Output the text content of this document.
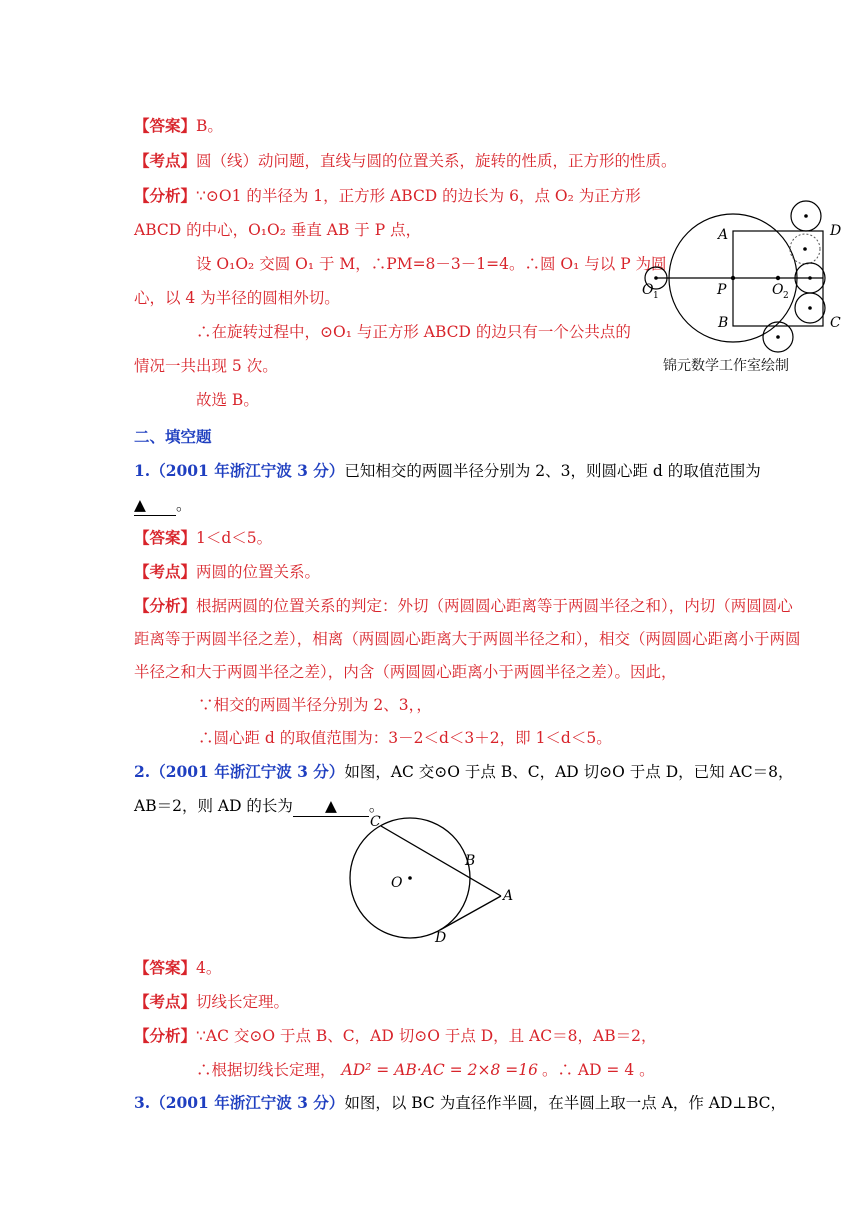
【答案】B。
【考点】圆（线）动问题，直线与圆的位置关系，旋转的性质，正方形的性质。
【分析】∵⊙O1 的半径为 1，正方形 ABCD 的边长为 6，点 O₂ 为正方形
ABCD 的中心，O₁O₂ 垂直 AB 于 P 点，
设 O₁O₂ 交圆 O₁ 于 M，∴PM=8－3－1=4。∴圆 O₁ 与以 P 为圆
心，以 4 为半径的圆相外切。
∴在旋转过程中，⊙O₁ 与正方形 ABCD 的边只有一个公共点的
情况一共出现 5 次。
故选 B。
A
B
D
C
P
O 1	O 2
锦元数学工作室绘制
二、填空题
1.（2001 年浙江宁波 3 分）已知相交的两圆半径分别为 2、3，则圆心距 d 的取值范围为
▲ 。
【答案】1＜d＜5。
【考点】两圆的位置关系。
【分析】根据两圆的位置关系的判定：外切（两圆圆心距离等于两圆半径之和），内切（两圆圆心
距离等于两圆半径之差），相离（两圆圆心距离大于两圆半径之和），相交（两圆圆心距离小于两圆
半径之和大于两圆半径之差），内含（两圆圆心距离小于两圆半径之差）。因此，
∵相交的两圆半径分别为 2、3，，
∴圆心距 d 的取值范围为：3－2＜d＜3＋2，即 1＜d＜5。
2.（2001 年浙江宁波 3 分）如图，AC 交⊙O 于点 B、C，AD 切⊙O 于点 D，已知 AC＝8，
AB＝2，则 AD 的长为 ▲ 。
C
B
O
A
D
【答案】4。
【考点】切线长定理。
【分析】∵AC 交⊙O 于点 B、C，AD 切⊙O 于点 D，且 AC＝8，AB＝2，
∴根据切线长定理， AD² = AB·AC = 2×8 =16 。∴ AD = 4 。
3.（2001 年浙江宁波 3 分）如图，以 BC 为直径作半圆，在半圆上取一点 A，作 AD⊥BC，
